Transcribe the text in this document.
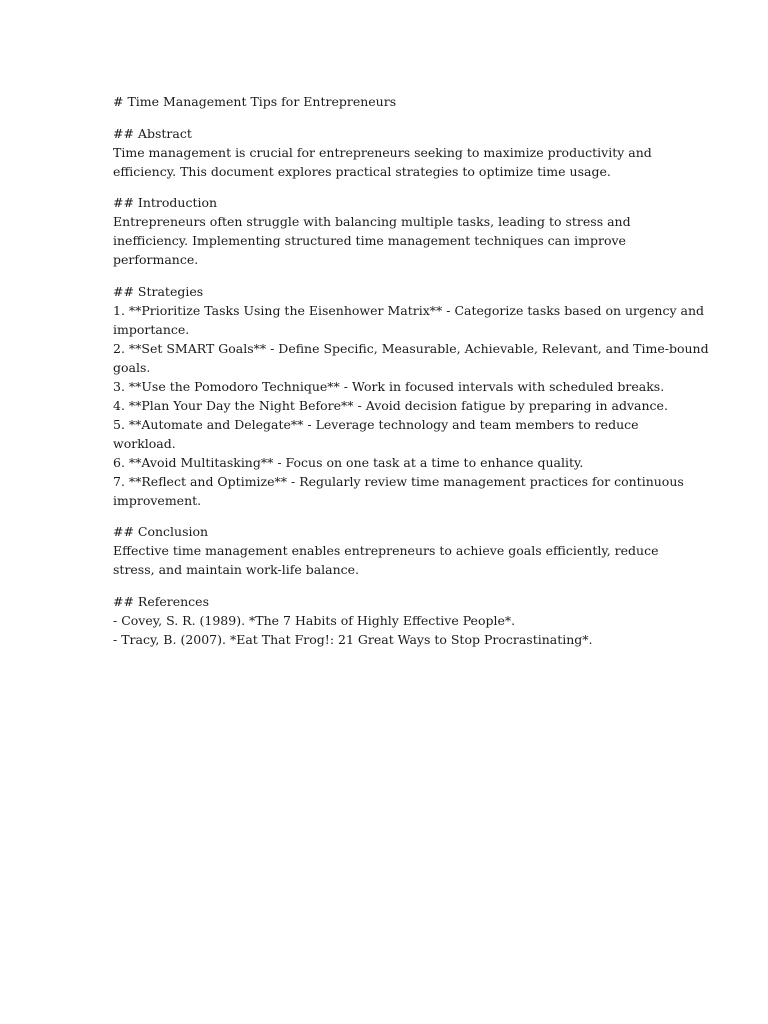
# Time Management Tips for Entrepreneurs
## Abstract
Time management is crucial for entrepreneurs seeking to maximize productivity and
efficiency. This document explores practical strategies to optimize time usage.
## Introduction
Entrepreneurs often struggle with balancing multiple tasks, leading to stress and
inefficiency. Implementing structured time management techniques can improve
performance.
## Strategies
1. **Prioritize Tasks Using the Eisenhower Matrix** - Categorize tasks based on urgency and
importance.
2. **Set SMART Goals** - Define Specific, Measurable, Achievable, Relevant, and Time-bound
goals.
3. **Use the Pomodoro Technique** - Work in focused intervals with scheduled breaks.
4. **Plan Your Day the Night Before** - Avoid decision fatigue by preparing in advance.
5. **Automate and Delegate** - Leverage technology and team members to reduce
workload.
6. **Avoid Multitasking** - Focus on one task at a time to enhance quality.
7. **Reflect and Optimize** - Regularly review time management practices for continuous
improvement.
## Conclusion
Effective time management enables entrepreneurs to achieve goals efficiently, reduce
stress, and maintain work-life balance.
## References
- Covey, S. R. (1989). *The 7 Habits of Highly Effective People*.
- Tracy, B. (2007). *Eat That Frog!: 21 Great Ways to Stop Procrastinating*.
